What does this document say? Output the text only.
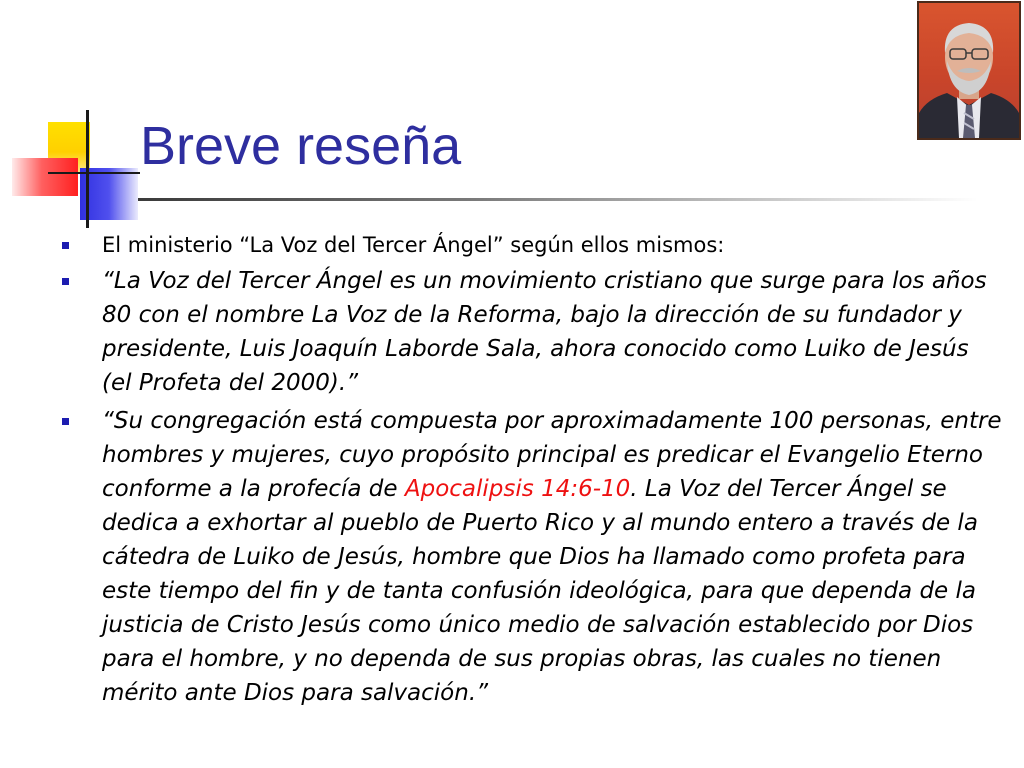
Breve reseña
El ministerio “La Voz del Tercer Ángel” según ellos mismos:
“La Voz del Tercer Ángel es un movimiento cristiano que surge para los años 80 con el nombre La Voz de la Reforma, bajo la dirección de su fundador y presidente, Luis Joaquín Laborde Sala, ahora conocido como Luiko de Jesús (el Profeta del 2000).”
“Su congregación está compuesta por aproximadamente 100 personas, entre hombres y mujeres, cuyo propósito principal es predicar el Evangelio Eterno conforme a la profecía de Apocalipsis 14:6-10. La Voz del Tercer Ángel se dedica a exhortar al pueblo de Puerto Rico y al mundo entero a través de la cátedra de Luiko de Jesús, hombre que Dios ha llamado como profeta para este tiempo del fin y de tanta confusión ideológica, para que dependa de la justicia de Cristo Jesús como único medio de salvación establecido por Dios para el hombre, y no dependa de sus propias obras, las cuales no tienen mérito ante Dios para salvación.”
